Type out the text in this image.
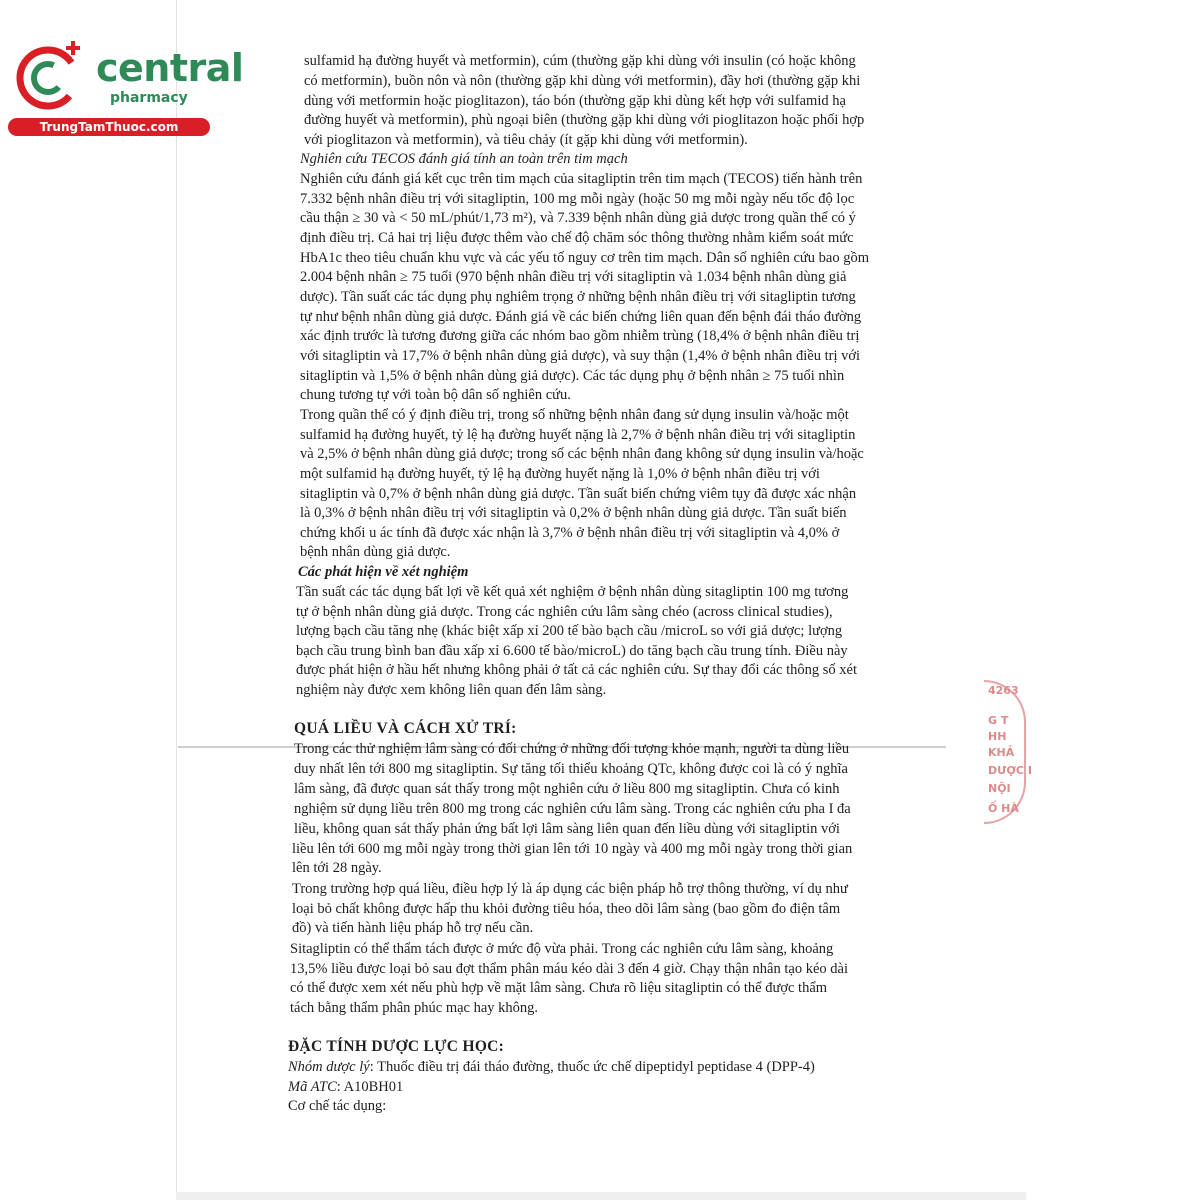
central
pharmacy
TrungTamThuoc.com
sulfamid hạ đường huyết và metformin), cúm (thường gặp khi dùng với insulin (có hoặc không
có metformin), buồn nôn và nôn (thường gặp khi dùng với metformin), đầy hơi (thường gặp khi
dùng với metformin hoặc pioglitazon), táo bón (thường gặp khi dùng kết hợp với sulfamid hạ
đường huyết và metformin), phù ngoại biên (thường gặp khi dùng với pioglitazon hoặc phối hợp
với pioglitazon và metformin), và tiêu chảy (ít gặp khi dùng với metformin).
Nghiên cứu TECOS đánh giá tính an toàn trên tim mạch
Nghiên cứu đánh giá kết cục trên tim mạch của sitagliptin trên tim mạch (TECOS) tiến hành trên
7.332 bệnh nhân điều trị với sitagliptin, 100 mg mỗi ngày (hoặc 50 mg mỗi ngày nếu tốc độ lọc
cầu thận ≥ 30 và < 50 mL/phút/1,73 m²), và 7.339 bệnh nhân dùng giả dược trong quần thể có ý
định điều trị. Cả hai trị liệu được thêm vào chế độ chăm sóc thông thường nhằm kiểm soát mức
HbA1c theo tiêu chuẩn khu vực và các yếu tố nguy cơ trên tim mạch. Dân số nghiên cứu bao gồm
2.004 bệnh nhân ≥ 75 tuổi (970 bệnh nhân điều trị với sitagliptin và 1.034 bệnh nhân dùng giả
dược). Tần suất các tác dụng phụ nghiêm trọng ở những bệnh nhân điều trị với sitagliptin tương
tự như bệnh nhân dùng giả dược. Đánh giá về các biến chứng liên quan đến bệnh đái tháo đường
xác định trước là tương đương giữa các nhóm bao gồm nhiễm trùng (18,4% ở bệnh nhân điều trị
với sitagliptin và 17,7% ở bệnh nhân dùng giả dược), và suy thận (1,4% ở bệnh nhân điều trị với
sitagliptin và 1,5% ở bệnh nhân dùng giả dược). Các tác dụng phụ ở bệnh nhân ≥ 75 tuổi nhìn
chung tương tự với toàn bộ dân số nghiên cứu.
Trong quần thể có ý định điều trị, trong số những bệnh nhân đang sử dụng insulin và/hoặc một
sulfamid hạ đường huyết, tỷ lệ hạ đường huyết nặng là 2,7% ở bệnh nhân điều trị với sitagliptin
và 2,5% ở bệnh nhân dùng giả dược; trong số các bệnh nhân đang không sử dụng insulin và/hoặc
một sulfamid hạ đường huyết, tỷ lệ hạ đường huyết nặng là 1,0% ở bệnh nhân điều trị với
sitagliptin và 0,7% ở bệnh nhân dùng giả dược. Tần suất biến chứng viêm tụy đã được xác nhận
là 0,3% ở bệnh nhân điều trị với sitagliptin và 0,2% ở bệnh nhân dùng giả dược. Tần suất biến
chứng khối u ác tính đã được xác nhận là 3,7% ở bệnh nhân điều trị với sitagliptin và 4,0% ở
bệnh nhân dùng giả dược.
Các phát hiện về xét nghiệm
Tần suất các tác dụng bất lợi về kết quả xét nghiệm ở bệnh nhân dùng sitagliptin 100 mg tương
tự ở bệnh nhân dùng giả dược. Trong các nghiên cứu lâm sàng chéo (across clinical studies),
lượng bạch cầu tăng nhẹ (khác biệt xấp xỉ 200 tế bào bạch cầu /microL so với giả dược; lượng
bạch cầu trung bình ban đầu xấp xỉ 6.600 tế bào/microL) do tăng bạch cầu trung tính. Điều này
được phát hiện ở hầu hết nhưng không phải ở tất cả các nghiên cứu. Sự thay đổi các thông số xét
nghiệm này được xem không liên quan đến lâm sàng.
QUÁ LIỀU VÀ CÁCH XỬ TRÍ:
Trong các thử nghiệm lâm sàng có đối chứng ở những đối tượng khỏe mạnh, người ta dùng liều
duy nhất lên tới 800 mg sitagliptin. Sự tăng tối thiểu khoảng QTc, không được coi là có ý nghĩa
lâm sàng, đã được quan sát thấy trong một nghiên cứu ở liều 800 mg sitagliptin. Chưa có kinh
nghiệm sử dụng liều trên 800 mg trong các nghiên cứu lâm sàng. Trong các nghiên cứu pha I đa
liều, không quan sát thấy phản ứng bất lợi lâm sàng liên quan đến liều dùng với sitagliptin với
liều lên tới 600 mg mỗi ngày trong thời gian lên tới 10 ngày và 400 mg mỗi ngày trong thời gian
lên tới 28 ngày.
Trong trường hợp quá liều, điều hợp lý là áp dụng các biện pháp hỗ trợ thông thường, ví dụ như
loại bỏ chất không được hấp thu khỏi đường tiêu hóa, theo dõi lâm sàng (bao gồm đo điện tâm
đồ) và tiến hành liệu pháp hỗ trợ nếu cần.
Sitagliptin có thể thẩm tách được ở mức độ vừa phải. Trong các nghiên cứu lâm sàng, khoảng
13,5% liều được loại bỏ sau đợt thẩm phân máu kéo dài 3 đến 4 giờ. Chạy thận nhân tạo kéo dài
có thể được xem xét nếu phù hợp về mặt lâm sàng. Chưa rõ liệu sitagliptin có thể được thẩm
tách bằng thẩm phân phúc mạc hay không.
ĐẶC TÍNH DƯỢC LỰC HỌC:
Nhóm dược lý: Thuốc điều trị đái tháo đường, thuốc ức chế dipeptidyl peptidase 4 (DPP-4)
Mã ATC: A10BH01
Cơ chế tác dụng:
4263
G T
HH
KHẢ
DƯỢC I
NỘI
Ố HÀ
